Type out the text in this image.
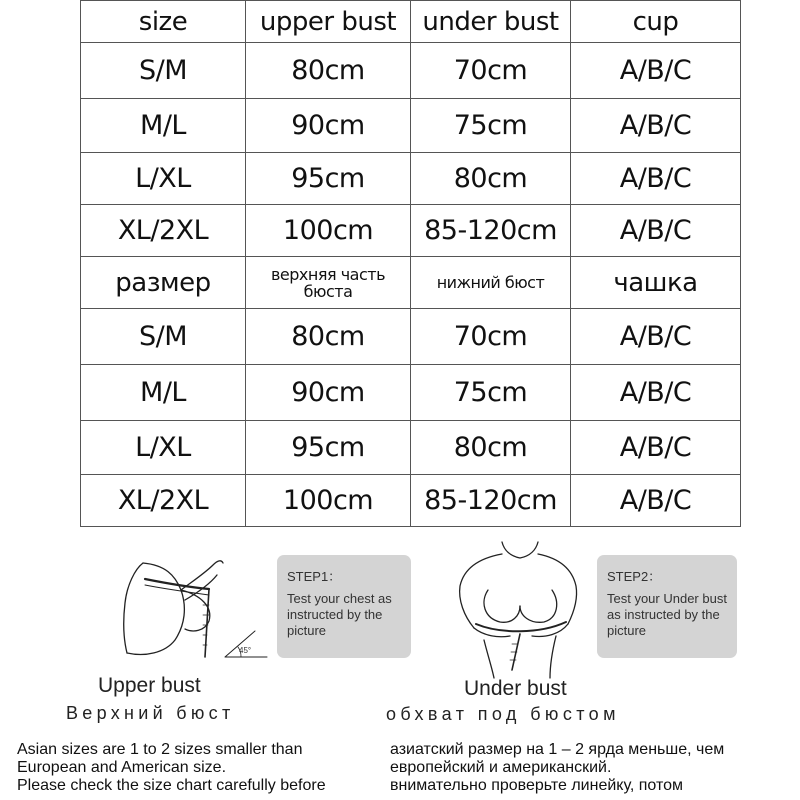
size	upper bust	under bust	cup
S/M	80cm	70cm	A/B/C
M/L	90cm	75cm	A/B/C
L/XL	95cm	80cm	A/B/C
XL/2XL	100cm	85-120cm	A/B/C
размер	верхняя часть бюста	нижний бюст	чашка
S/M	80cm	70cm	A/B/C
M/L	90cm	75cm	A/B/C
L/XL	95cm	80cm	A/B/C
XL/2XL	100cm	85-120cm	A/B/C
45°
STEP1：
Test your chest as instructed by the picture
STEP2：
Test your Under bust as instructed by the picture
Upper bust
Верхний бюст
Under bust
обхват под бюстом
Asian sizes are 1 to 2 sizes smaller than
European and American size.
Please check the size chart carefully before
азиатский размер на 1 – 2 ярда меньше, чем
европейский и американский.
внимательно проверьте линейку, потом
